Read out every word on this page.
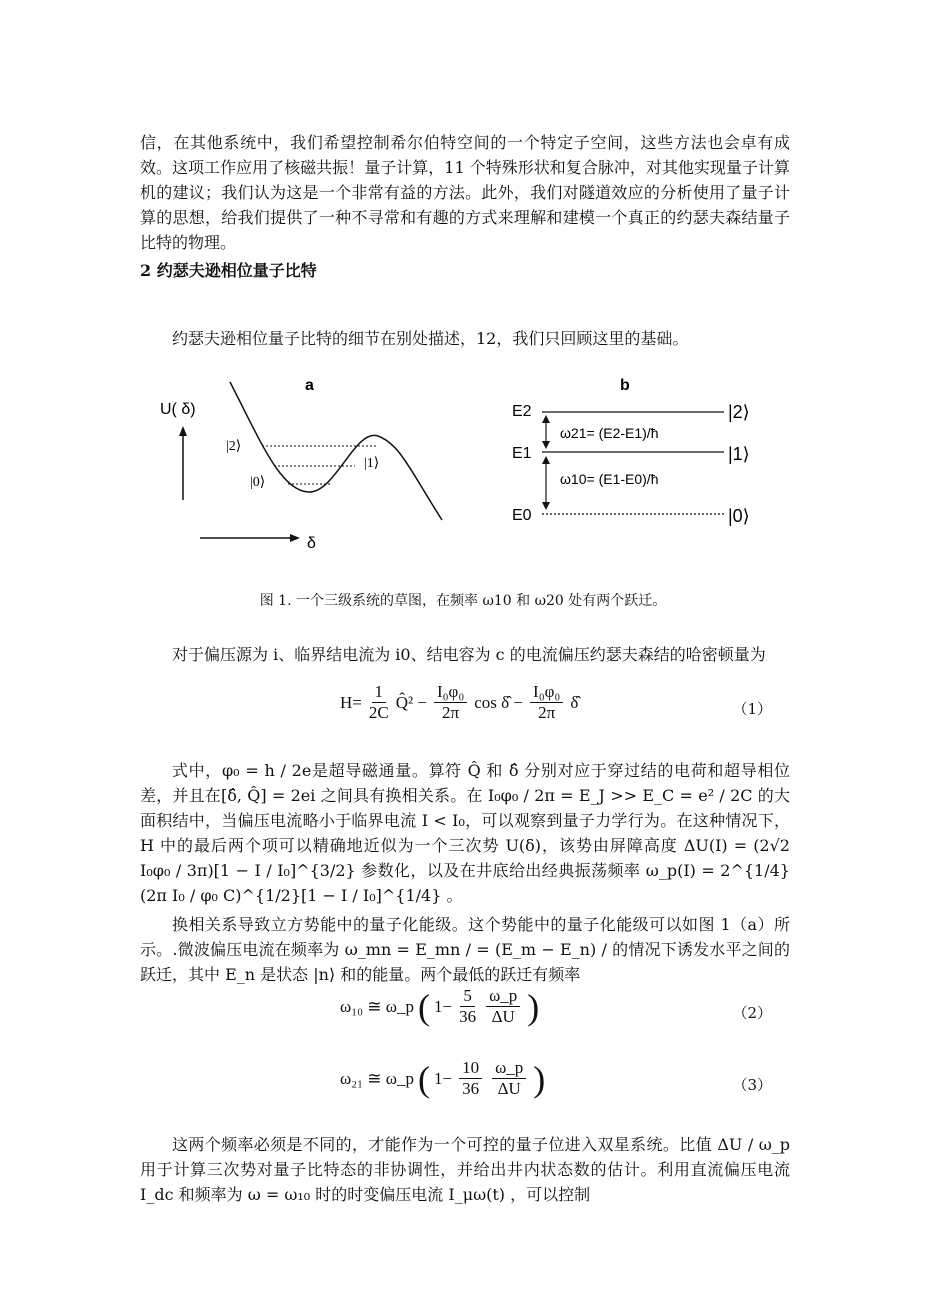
信，在其他系统中，我们希望控制希尔伯特空间的一个特定子空间，这些方法也会卓有成效。这项工作应用了核磁共振！量子计算，11 个特殊形状和复合脉冲，对其他实现量子计算机的建议；我们认为这是一个非常有益的方法。此外，我们对隧道效应的分析使用了量子计算的思想，给我们提供了一种不寻常和有趣的方式来理解和建模一个真正的约瑟夫森结量子比特的物理。

2 约瑟夫逊相位量子比特

约瑟夫逊相位量子比特的细节在别处描述，12，我们只回顾这里的基础。

a
U( δ)
δ
|2⟩
|0⟩
|1⟩
b
E2
E1
E0
ω21= (E2-E1)/ħ
ω10= (E1-E0)/ħ
|2⟩
|1⟩
|0⟩
图 1. 一个三级系统的草图，在频率 ω10 和 ω20 处有两个跃迁。

对于偏压源为 i、临界结电流为 i0、结电容为 c 的电流偏压约瑟夫森结的哈密顿量为

$H= \frac{1}{2C}$ Q̂² − $\frac{\text{I₀φ₀}}{2\pi}$ cos δ̂ − $\frac{\text{I₀φ₀}}{2\pi}$ δ̂	（1）

式中，φ₀ = h / 2e是超导磁通量。算符 Q̂ 和 δ̂ 分别对应于穿过结的电荷和超导相位差，并且在[δ̂, Q̂] = 2ei 之间具有换相关系。在 I₀φ₀ / 2π = E_J >> E_C = e² / 2C 的大面积结中，当偏压电流略小于临界电流 I < I₀，可以观察到量子力学行为。在这种情况下，H 中的最后两个项可以精确地近似为一个三次势 U(δ)，该势由屏障高度 ΔU(I) = (2√2 I₀φ₀ / 3π)[1 − I / I₀]^{3/2} 参数化，以及在井底给出经典振荡频率 ω_p(I) = 2^{1/4}(2π I₀ / φ₀ C)^{1/2}[1 − I / I₀]^{1/4} 。

换相关系导致立方势能中的量子化能级。这个势能中的量子化能级可以如图 1（a）所示。.微波偏压电流在频率为 ω_mn = E_mn / = (E_m − E_n) / 的情况下诱发水平之间的跃迁，其中 E_n 是状态 |n⟩ 和的能量。两个最低的跃迁有频率

ω₁₀ ≅ ω_p ( $1- \frac{5}{36} \frac{\omega\_p}{\Delta U}$ )	（2）
ω₂₁ ≅ ω_p ( $1- \frac{10}{36} \frac{\omega\_p}{\Delta U}$ )	（3）

这两个频率必须是不同的，才能作为一个可控的量子位进入双星系统。比值 ΔU / ω_p 用于计算三次势对量子比特态的非协调性，并给出井内状态数的估计。利用直流偏压电流 I_dc 和频率为 ω = ω₁₀ 时的时变偏压电流 I_μω(t) ，可以控制
